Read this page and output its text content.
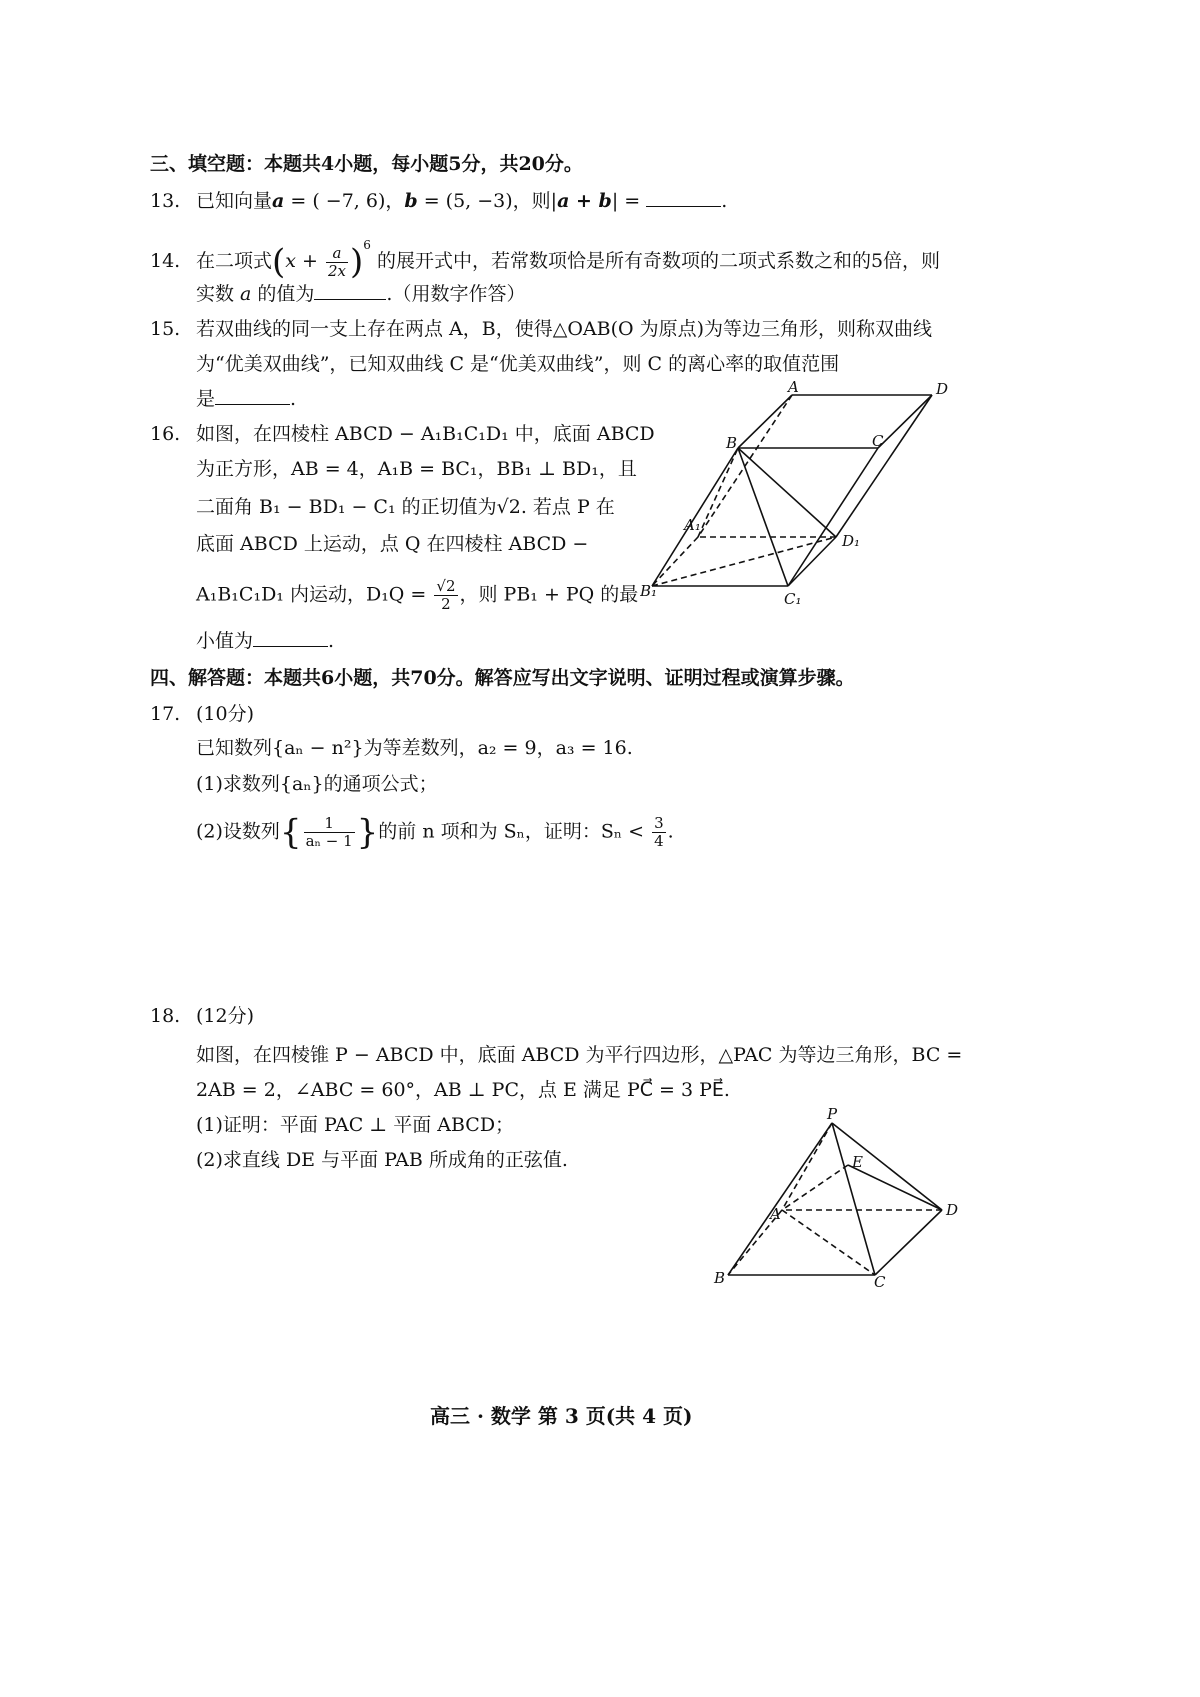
三、填空题：本题共4小题，每小题5分，共20分。
13. 已知向量a = ( −7, 6)，b = (5, −3)，则|a + b| =	.
14. 在二项式$(x + \frac{a}{2x} )^6$ 的展开式中，若常数项恰是所有奇数项的二项式系数之和的5倍，则
实数 a 的值为	.（用数字作答）
15. 若双曲线的同一支上存在两点 A，B，使得△OAB(O 为原点)为等边三角形，则称双曲线
为“优美双曲线”，已知双曲线 C 是“优美双曲线”，则 C 的离心率的取值范围
是	.
16. 如图，在四棱柱 ABCD − A₁B₁C₁D₁ 中，底面 ABCD
为正方形，AB = 4，A₁B = BC₁，BB₁ ⊥ BD₁，且
二面角 B₁ − BD₁ − C₁ 的正切值为√2. 若点 P 在
底面 ABCD 上运动，点 Q 在四棱柱 ABCD −
A₁B₁C₁D₁ 内运动，$D_1Q = \frac{√2}{2}$ ，则 PB₁ + PQ 的最
小值为	.
A	D
B	C
A₁
D₁
B₁	C₁
四、解答题：本题共6小题，共70分。解答应写出文字说明、证明过程或演算步骤。
17. (10分)
已知数列{aₙ − n²}为等差数列，a₂ = 9，a₃ = 16.
(1)求数列{aₙ}的通项公式；
(2)设数列{ $\frac{1}{\text{aₙ − 1}}$ }的前 n 项和为 Sₙ，证明：$S_n < \frac{3}{4}$ .
18. (12分)
如图，在四棱锥 P − ABCD 中，底面 ABCD 为平行四边形，△PAC 为等边三角形，BC =
2AB = 2，∠ABC = 60°，AB ⊥ PC，点 E 满足 PC⃗ = 3 PE⃗.
(1)证明：平面 PAC ⊥ 平面 ABCD；
(2)求直线 DE 与平面 PAB 所成角的正弦值.
P
E
A	D
B	C
高三 · 数学 第 3 页(共 4 页)
